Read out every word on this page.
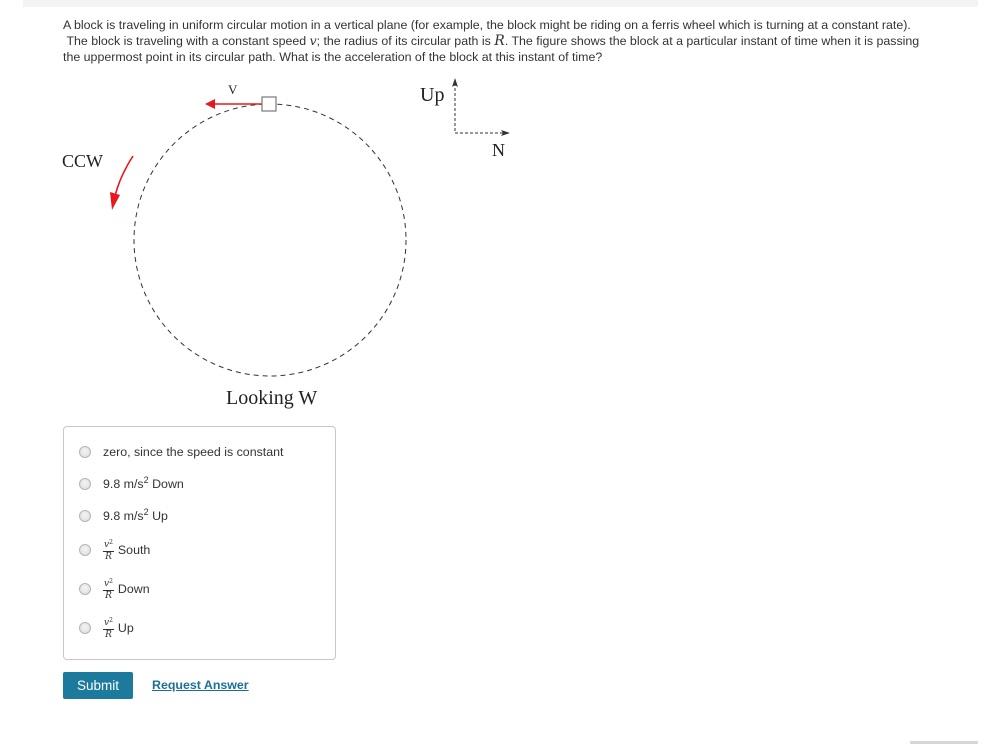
A block is traveling in uniform circular motion in a vertical plane (for example, the block might be riding on a ferris wheel which is turning at a constant rate).

The block is traveling with a constant speed v; the radius of its circular path is R. The figure shows the block at a particular instant of time when it is passing

the uppermost point in its circular path. What is the acceleration of the block at this instant of time?

V
CCW
Looking W
Up
N
zero, since the speed is constant
9.8 $m/s^2$ Down
9.8 $m/s^2$ Up
$\frac{v^2}{R}$ South
$\frac{v^2}{R}$ Down
$\frac{v^2}{R}$ Up
Submit	Request Answer
